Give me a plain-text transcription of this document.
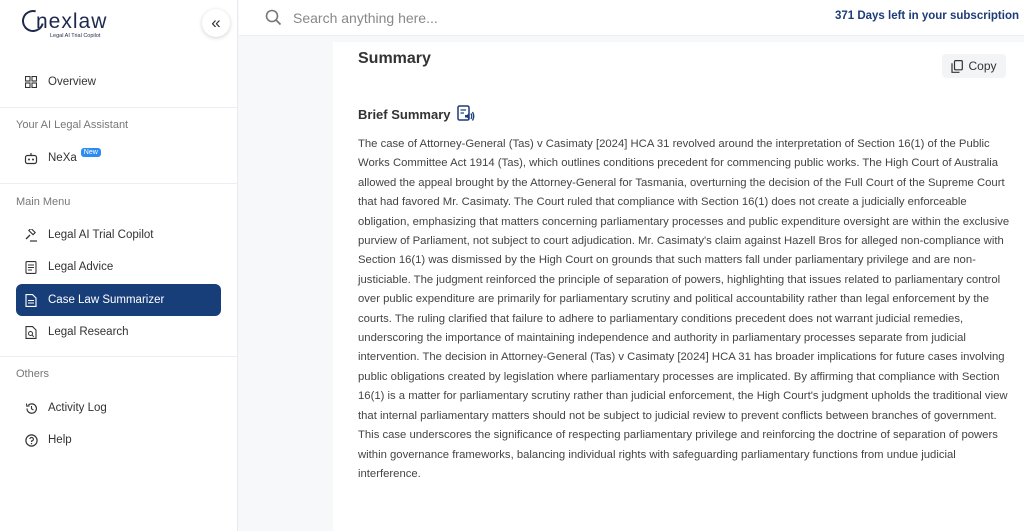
nexlaw
Legal AI Trial Copilot
«
Overview
Your AI Legal Assistant
NeXa	New
Main Menu
Legal AI Trial Copilot
Legal Advice
Case Law Summarizer
Legal Research
Others
Activity Log
Help
Search anything here...
371 Days left in your subscription
Summary	Copy
Brief Summary

The case of Attorney-General (Tas) v Casimaty [2024] HCA 31 revolved around the interpretation of Section 16(1) of the Public Works Committee Act 1914 (Tas), which outlines conditions precedent for commencing public works. The High Court of Australia allowed the appeal brought by the Attorney-General for Tasmania, overturning the decision of the Full Court of the Supreme Court that had favored Mr. Casimaty. The Court ruled that compliance with Section 16(1) does not create a judicially enforceable obligation, emphasizing that matters concerning parliamentary processes and public expenditure oversight are within the exclusive purview of Parliament, not subject to court adjudication. Mr. Casimaty's claim against Hazell Bros for alleged non-compliance with Section 16(1) was dismissed by the High Court on grounds that such matters fall under parliamentary privilege and are non-justiciable. The judgment reinforced the principle of separation of powers, highlighting that issues related to parliamentary control over public expenditure are primarily for parliamentary scrutiny and political accountability rather than legal enforcement by the courts. The ruling clarified that failure to adhere to parliamentary conditions precedent does not warrant judicial remedies, underscoring the importance of maintaining independence and authority in parliamentary processes separate from judicial intervention. The decision in Attorney-General (Tas) v Casimaty [2024] HCA 31 has broader implications for future cases involving public obligations created by legislation where parliamentary processes are implicated. By affirming that compliance with Section 16(1) is a matter for parliamentary scrutiny rather than judicial enforcement, the High Court's judgment upholds the traditional view that internal parliamentary matters should not be subject to judicial review to prevent conflicts between branches of government. This case underscores the significance of respecting parliamentary privilege and reinforcing the doctrine of separation of powers within governance frameworks, balancing individual rights with safeguarding parliamentary functions from undue judicial interference.
